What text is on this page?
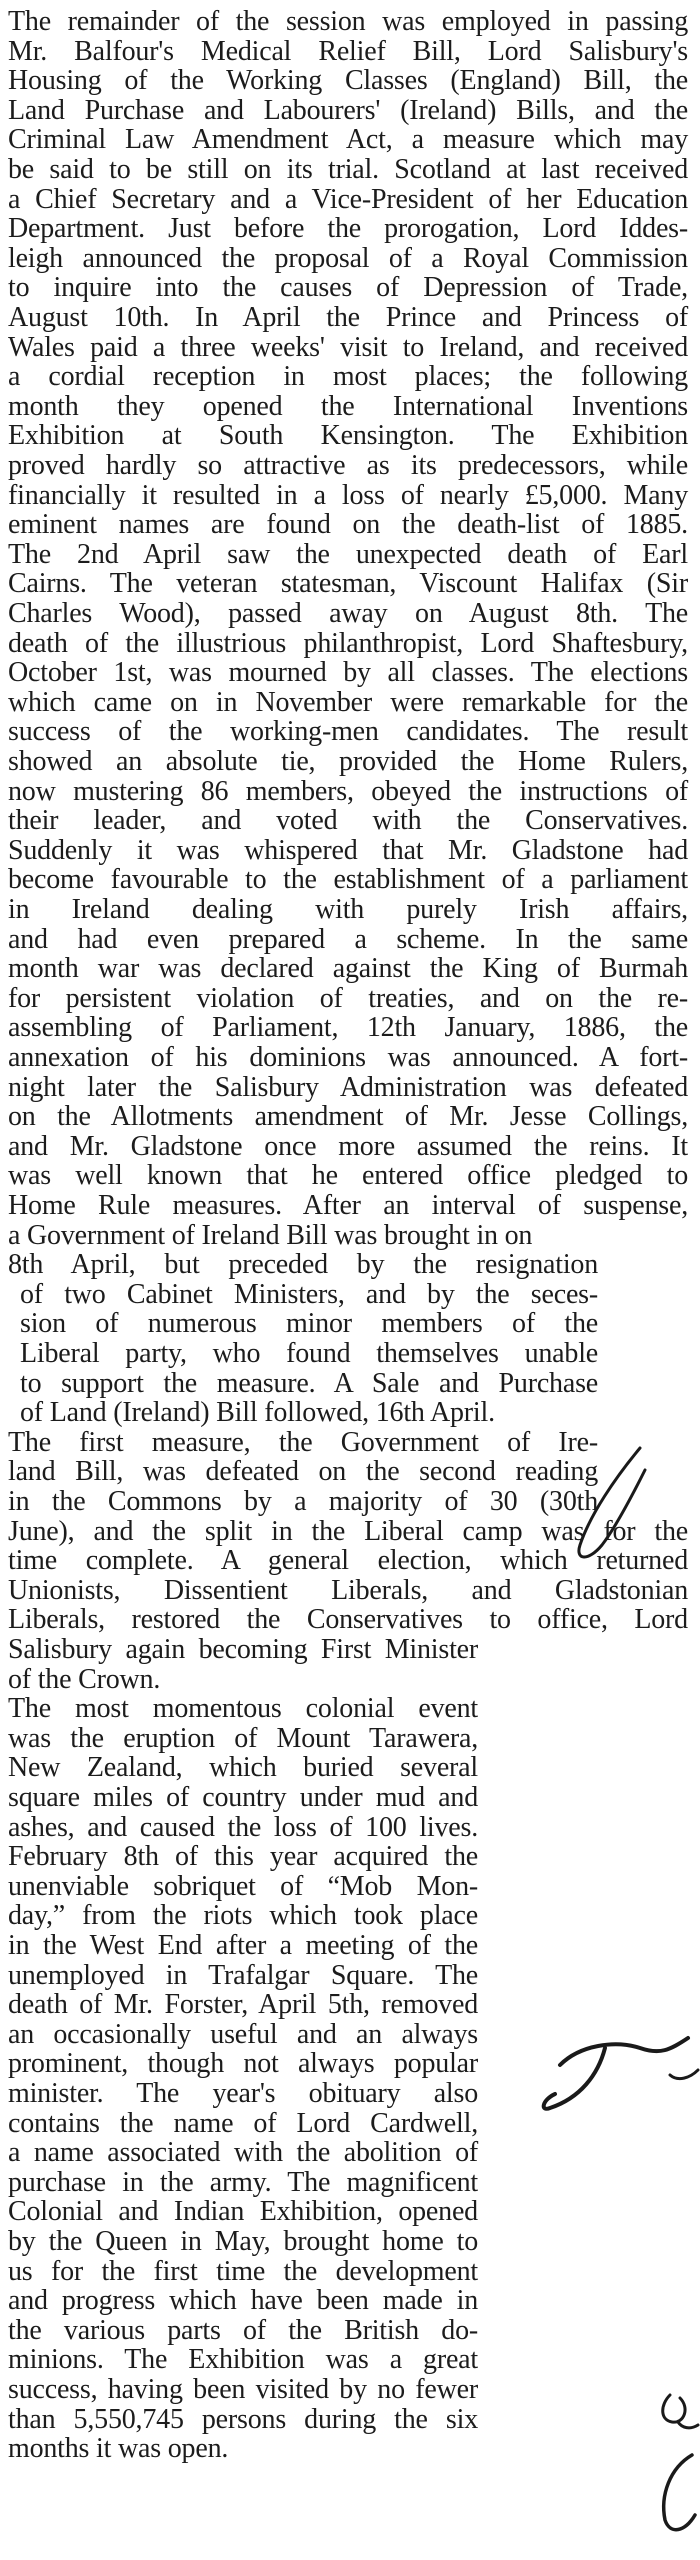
The remainder of the session was employed in passing
Mr. Balfour's Medical Relief Bill, Lord Salisbury's
Housing of the Working Classes (England) Bill, the
Land Purchase and Labourers' (Ireland) Bills, and the
Criminal Law Amendment Act, a measure which may
be said to be still on its trial. Scotland at last received
a Chief Secretary and a Vice-President of her Education
Department. Just before the prorogation, Lord Iddes-
leigh announced the proposal of a Royal Commission
to inquire into the causes of Depression of Trade,
August 10th. In April the Prince and Princess of
Wales paid a three weeks' visit to Ireland, and received
a cordial reception in most places; the following
month they opened the International Inventions
Exhibition at South Kensington. The Exhibition
proved hardly so attractive as its predecessors, while
financially it resulted in a loss of nearly £5,000. Many
eminent names are found on the death-list of 1885.
The 2nd April saw the unexpected death of Earl
Cairns. The veteran statesman, Viscount Halifax (Sir
Charles Wood), passed away on August 8th. The
death of the illustrious philanthropist, Lord Shaftesbury,
October 1st, was mourned by all classes. The elections
which came on in November were remarkable for the
success of the working-men candidates. The result
showed an absolute tie, provided the Home Rulers,
now mustering 86 members, obeyed the instructions of
their leader, and voted with the Conservatives.
Suddenly it was whispered that Mr. Gladstone had
become favourable to the establishment of a parliament
in Ireland dealing with purely Irish affairs,
and had even prepared a scheme. In the same
month war was declared against the King of Burmah
for persistent violation of treaties, and on the re-
assembling of Parliament, 12th January, 1886, the
annexation of his dominions was announced. A fort-
night later the Salisbury Administration was defeated
on the Allotments amendment of Mr. Jesse Collings,
and Mr. Gladstone once more assumed the reins. It
was well known that he entered office pledged to
Home Rule measures. After an interval of suspense,
a Government of Ireland Bill was brought in on
8th April, but preceded by the resignation
of two Cabinet Ministers, and by the seces-
sion of numerous minor members of the
Liberal party, who found themselves unable
to support the measure. A Sale and Purchase
of Land (Ireland) Bill followed, 16th April.
The first measure, the Government of Ire-
land Bill, was defeated on the second reading
in the Commons by a majority of 30 (30th
June), and the split in the Liberal camp was for the
time complete. A general election, which returned
Unionists, Dissentient Liberals, and Gladstonian
Liberals, restored the Conservatives to office, Lord
Salisbury again becoming First Minister
of the Crown.
The most momentous colonial event
was the eruption of Mount Tarawera,
New Zealand, which buried several
square miles of country under mud and
ashes, and caused the loss of 100 lives.
February 8th of this year acquired the
unenviable sobriquet of “Mob Mon-
day,” from the riots which took place
in the West End after a meeting of the
unemployed in Trafalgar Square. The
death of Mr. Forster, April 5th, removed
an occasionally useful and an always
prominent, though not always popular
minister. The year's obituary also
contains the name of Lord Cardwell,
a name associated with the abolition of
purchase in the army. The magnificent
Colonial and Indian Exhibition, opened
by the Queen in May, brought home to
us for the first time the development
and progress which have been made in
the various parts of the British do-
minions. The Exhibition was a great
success, having been visited by no fewer
than 5,550,745 persons during the six
months it was open.
